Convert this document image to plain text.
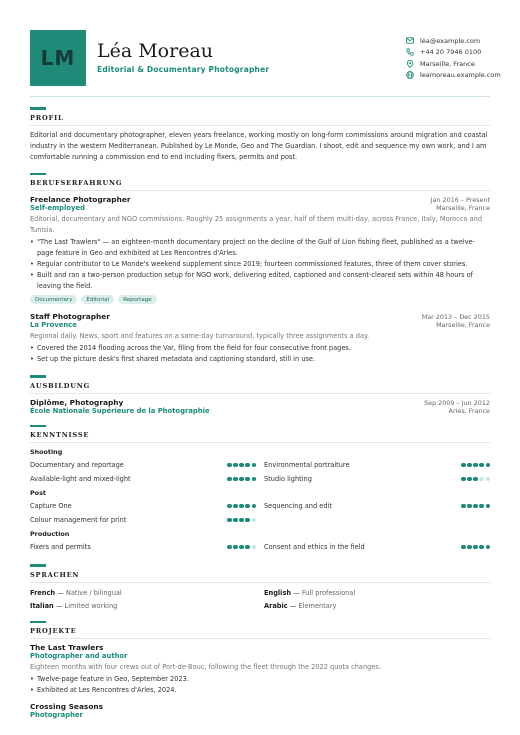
LM	Léa Moreau
Editorial & Documentary Photographer
léa@example.com
+44 20 7946 0100
Marseille, France
leamoreau.example.com
PROFIL
Editorial and documentary photographer, eleven years freelance, working mostly on long-form commissions around migration and coastal industry in the western Mediterranean. Published by Le Monde, Geo and The Guardian. I shoot, edit and sequence my own work, and I am comfortable running a commission end to end including fixers, permits and post.
BERUFSERFAHRUNG
Freelance Photographer	Jan 2016 – Present
Self-employed	Marseille, France
Editorial, documentary and NGO commissions. Roughly 25 assignments a year, half of them multi-day, across France, Italy, Morocco and Tunisia.
• "The Last Trawlers" — an eighteen-month documentary project on the decline of the Gulf of Lion fishing fleet, published as a twelve-page feature in Geo and exhibited at Les Rencontres d'Arles.
• Regular contributor to Le Monde's weekend supplement since 2019; fourteen commissioned features, three of them cover stories.
• Built and ran a two-person production setup for NGO work, delivering edited, captioned and consent-cleared sets within 48 hours of leaving the field.
Documentary	Editorial	Reportage
Staff Photographer	Mar 2013 – Dec 2015
La Provence	Marseille, France
Regional daily. News, sport and features on a same-day turnaround, typically three assignments a day.
• Covered the 2014 flooding across the Var, filing from the field for four consecutive front pages.
• Set up the picture desk's first shared metadata and captioning standard, still in use.
AUSBILDUNG
Diplôme, Photography	Sep 2009 – Jun 2012
École Nationale Supérieure de la Photographie	Arles, France
KENNTNISSE
Shooting
Documentary and reportage	Environmental portraiture
Available-light and mixed-light	Studio lighting
Post
Capture One	Sequencing and edit
Colour management for print
Production
Fixers and permits	Consent and ethics in the field
SPRACHEN
French — Native / bilingual	English — Full professional
Italian — Limited working	Arabic — Elementary
PROJEKTE
The Last Trawlers
Photographer and author
Eighteen months with four crews out of Port-de-Bouc, following the fleet through the 2022 quota changes.
• Twelve-page feature in Geo, September 2023.
• Exhibited at Les Rencontres d'Arles, 2024.
Crossing Seasons
Photographer
